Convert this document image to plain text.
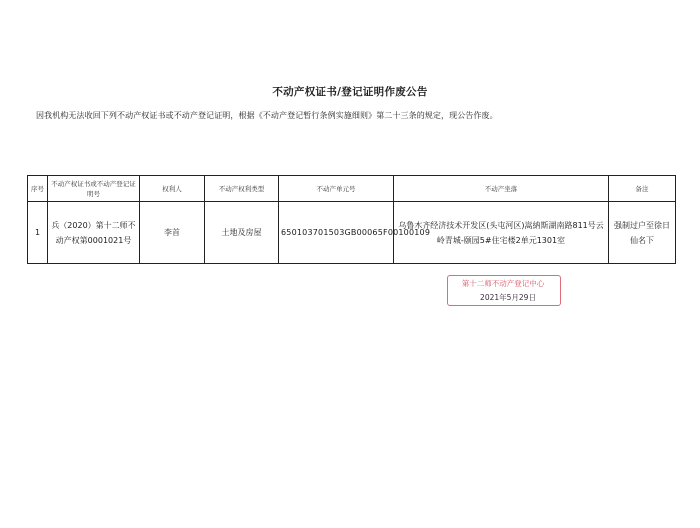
不动产权证书/登记证明作废公告
因我机构无法收回下列不动产权证书或不动产登记证明，根据《不动产登记暂行条例实施细则》第二十三条的规定，现公告作废。
序号	不动产权证书或不动产登记证明号	权利人	不动产权利类型	不动产单元号	不动产坐落	备注
1	兵（2020）第十二师不动产权第0001021号	李首	土地及房屋	650103701503GB00065F00100109	乌鲁木齐经济技术开发区(头屯河区)嵩納斯湖南路811号云岭青城-颐园5#住宅楼2单元1301室	强制过户至徐日仙名下
第十二师不动产登记中心
2021年5月29日
